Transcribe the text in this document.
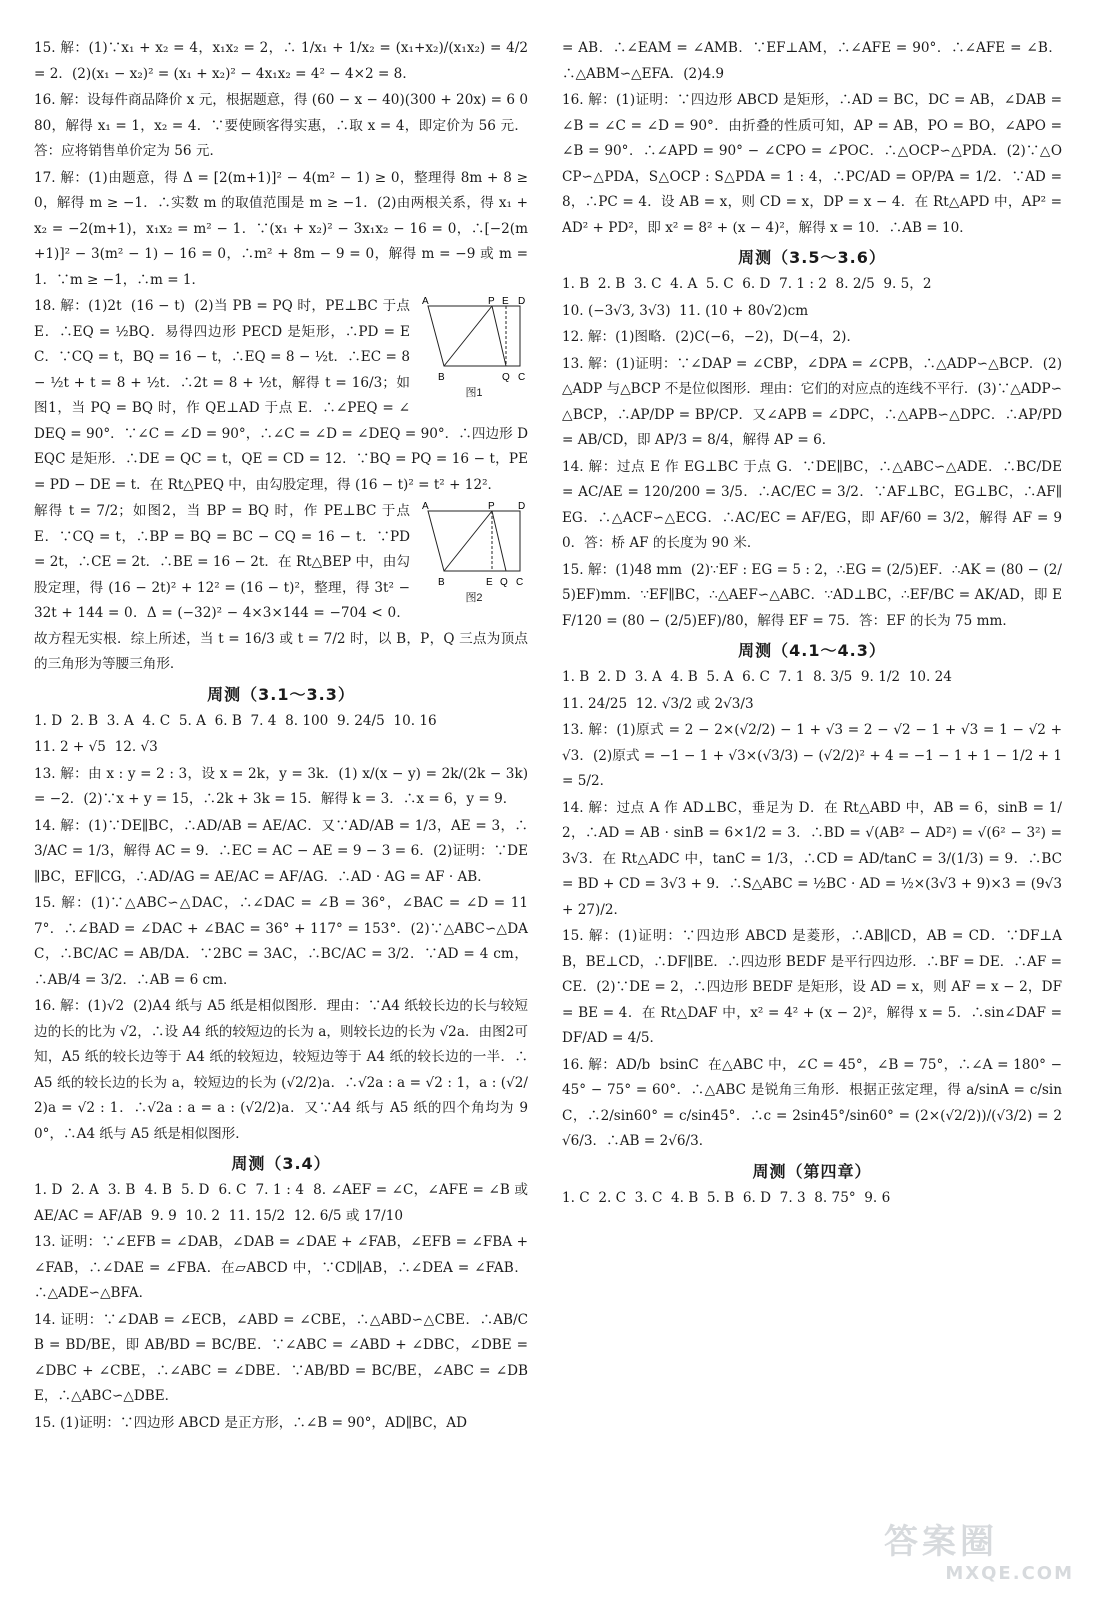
15. 解：(1)∵x₁ + x₂ = 4，x₁x₂ = 2，∴ 1/x₁ + 1/x₂ = (x₁+x₂)/(x₁x₂) = 4/2 = 2．(2)(x₁ − x₂)² = (x₁ + x₂)² − 4x₁x₂ = 4² − 4×2 = 8．

16. 解：设每件商品降价 x 元，根据题意，得 (60 − x − 40)(300 + 20x) = 6 080，解得 x₁ = 1，x₂ = 4．∵要使顾客得实惠，∴取 x = 4，即定价为 56 元．答：应将销售单价定为 56 元．

17. 解：(1)由题意，得 Δ = [2(m+1)]² − 4(m² − 1) ≥ 0，整理得 8m + 8 ≥ 0，解得 m ≥ −1．∴实数 m 的取值范围是 m ≥ −1．(2)由两根关系，得 x₁ + x₂ = −2(m+1)，x₁x₂ = m² − 1．∵(x₁ + x₂)² − 3x₁x₂ − 16 = 0，∴[−2(m+1)]² − 3(m² − 1) − 16 = 0，∴m² + 8m − 9 = 0，解得 m = −9 或 m = 1．∵m ≥ −1，∴m = 1．

A	P E D
B	Q C
图1

18. 解：(1)2t  (16 − t)  (2)当 PB = PQ 时，PE⊥BC 于点 E．∴EQ = ½BQ．易得四边形 PECD 是矩形，∴PD = EC．∵CQ = t，BQ = 16 − t，∴EQ = 8 − ½t．∴EC = 8 − ½t + t = 8 + ½t．∴2t = 8 + ½t，解得 t = 16/3；如图1，当 PQ = BQ 时，作 QE⊥AD 于点 E．∴∠PEQ = ∠DEQ = 90°．∵∠C = ∠D = 90°，∴∠C = ∠D = ∠DEQ = 90°．∴四边形 DEQC 是矩形．∴DE = QC = t，QE = CD = 12．∵BQ = PQ = 16 − t，PE = PD − DE = t．在 Rt△PEQ 中，由勾股定理，得 (16 − t)² = t² + 12²．

A	P D
B	E Q C
图2

解得 t = 7/2；如图2，当 BP = BQ 时，作 PE⊥BC 于点 E．∵CQ = t，∴BP = BQ = BC − CQ = 16 − t．∵PD = 2t，∴CE = 2t．∴BE = 16 − 2t．在 Rt△BEP 中，由勾股定理，得 (16 − 2t)² + 12² = (16 − t)²，整理，得 3t² − 32t + 144 = 0．Δ = (−32)² − 4×3×144 = −704 < 0．故方程无实根．综上所述，当 t = 16/3 或 t = 7/2 时，以 B，P，Q 三点为顶点的三角形为等腰三角形．

周测（3.1～3.3）

1. D  2. B  3. A  4. C  5. A  6. B  7. 4  8. 100  9. 24/5  10. 16

11. 2 + √5  12. √3

13. 解：由 x : y = 2 : 3，设 x = 2k，y = 3k．(1) x/(x − y) = 2k/(2k − 3k) = −2．(2)∵x + y = 15，∴2k + 3k = 15．解得 k = 3．∴x = 6，y = 9．

14. 解：(1)∵DE∥BC，∴AD/AB = AE/AC．又∵AD/AB = 1/3，AE = 3，∴3/AC = 1/3，解得 AC = 9．∴EC = AC − AE = 9 − 3 = 6．(2)证明：∵DE∥BC，EF∥CG，∴AD/AG = AE/AC = AF/AG．∴AD · AG = AF · AB．

15. 解：(1)∵△ABC∽△DAC，∴∠DAC = ∠B = 36°，∠BAC = ∠D = 117°．∴∠BAD = ∠DAC + ∠BAC = 36° + 117° = 153°．(2)∵△ABC∽△DAC，∴BC/AC = AB/DA．∵2BC = 3AC，∴BC/AC = 3/2．∵AD = 4 cm，∴AB/4 = 3/2．∴AB = 6 cm．

16. 解：(1)√2  (2)A4 纸与 A5 纸是相似图形．理由：∵A4 纸较长边的长与较短边的长的比为 √2，∴设 A4 纸的较短边的长为 a，则较长边的长为 √2a．由图2可知，A5 纸的较长边等于 A4 纸的较短边，较短边等于 A4 纸的较长边的一半．∴A5 纸的较长边的长为 a，较短边的长为 (√2/2)a．∴√2a : a = √2 : 1，a : (√2/2)a = √2 : 1．∴√2a : a = a : (√2/2)a．又∵A4 纸与 A5 纸的四个角均为 90°，∴A4 纸与 A5 纸是相似图形．

周测（3.4）

1. D  2. A  3. B  4. B  5. D  6. C  7. 1 : 4  8. ∠AEF = ∠C，∠AFE = ∠B 或 AE/AC = AF/AB  9. 9  10. 2  11. 15/2  12. 6/5 或 17/10

13. 证明：∵∠EFB = ∠DAB，∠DAB = ∠DAE + ∠FAB，∠EFB = ∠FBA + ∠FAB，∴∠DAE = ∠FBA．在▱ABCD 中，∵CD∥AB，∴∠DEA = ∠FAB．∴△ADE∽△BFA．

14. 证明：∵∠DAB = ∠ECB，∠ABD = ∠CBE，∴△ABD∽△CBE．∴AB/CB = BD/BE，即 AB/BD = BC/BE．∵∠ABC = ∠ABD + ∠DBC，∠DBE = ∠DBC + ∠CBE，∴∠ABC = ∠DBE．∵AB/BD = BC/BE，∠ABC = ∠DBE，∴△ABC∽△DBE．

15. (1)证明：∵四边形 ABCD 是正方形，∴∠B = 90°，AD∥BC，AD

= AB．∴∠EAM = ∠AMB．∵EF⊥AM，∴∠AFE = 90°．∴∠AFE = ∠B．∴△ABM∽△EFA．(2)4.9

16. 解：(1)证明：∵四边形 ABCD 是矩形，∴AD = BC，DC = AB，∠DAB = ∠B = ∠C = ∠D = 90°．由折叠的性质可知，AP = AB，PO = BO，∠APO = ∠B = 90°．∴∠APD = 90° − ∠CPO = ∠POC．∴△OCP∽△PDA．(2)∵△OCP∽△PDA，S△OCP : S△PDA = 1 : 4，∴PC/AD = OP/PA = 1/2．∵AD = 8，∴PC = 4．设 AB = x，则 CD = x，DP = x − 4．在 Rt△APD 中，AP² = AD² + PD²，即 x² = 8² + (x − 4)²，解得 x = 10．∴AB = 10．

周测（3.5～3.6）

1. B  2. B  3. C  4. A  5. C  6. D  7. 1 : 2  8. 2/5  9. 5，2

10. (−3√3, 3√3)  11. (10 + 80√2)cm

12. 解：(1)图略．(2)C(−6，−2)，D(−4，2)．

13. 解：(1)证明：∵∠DAP = ∠CBP，∠DPA = ∠CPB，∴△ADP∽△BCP．(2)△ADP 与△BCP 不是位似图形．理由：它们的对应点的连线不平行．(3)∵△ADP∽△BCP，∴AP/DP = BP/CP．又∠APB = ∠DPC，∴△APB∽△DPC．∴AP/PD = AB/CD，即 AP/3 = 8/4，解得 AP = 6．

14. 解：过点 E 作 EG⊥BC 于点 G．∵DE∥BC，∴△ABC∽△ADE．∴BC/DE = AC/AE = 120/200 = 3/5．∴AC/EC = 3/2．∵AF⊥BC，EG⊥BC，∴AF∥EG．∴△ACF∽△ECG．∴AC/EC = AF/EG，即 AF/60 = 3/2，解得 AF = 90．答：桥 AF 的长度为 90 米．

15. 解：(1)48 mm  (2)∵EF : EG = 5 : 2，∴EG = (2/5)EF．∴AK = (80 − (2/5)EF)mm．∵EF∥BC，∴△AEF∽△ABC．∵AD⊥BC，∴EF/BC = AK/AD，即 EF/120 = (80 − (2/5)EF)/80，解得 EF = 75．答：EF 的长为 75 mm．

周测（4.1～4.3）

1. B  2. D  3. A  4. B  5. A  6. C  7. 1  8. 3/5  9. 1/2  10. 24

11. 24/25  12. √3/2 或 2√3/3

13. 解：(1)原式 = 2 − 2×(√2/2) − 1 + √3 = 2 − √2 − 1 + √3 = 1 − √2 + √3．(2)原式 = −1 − 1 + √3×(√3/3) − (√2/2)² + 4 = −1 − 1 + 1 − 1/2 + 1 = 5/2．

14. 解：过点 A 作 AD⊥BC，垂足为 D．在 Rt△ABD 中，AB = 6，sinB = 1/2，∴AD = AB · sinB = 6×1/2 = 3．∴BD = √(AB² − AD²) = √(6² − 3²) = 3√3．在 Rt△ADC 中，tanC = 1/3，∴CD = AD/tanC = 3/(1/3) = 9．∴BC = BD + CD = 3√3 + 9．∴S△ABC = ½BC · AD = ½×(3√3 + 9)×3 = (9√3 + 27)/2．

15. 解：(1)证明：∵四边形 ABCD 是菱形，∴AB∥CD，AB = CD．∵DF⊥AB，BE⊥CD，∴DF∥BE．∴四边形 BEDF 是平行四边形．∴BF = DE．∴AF = CE．(2)∵DE = 2，∴四边形 BEDF 是矩形，设 AD = x，则 AF = x − 2，DF = BE = 4．在 Rt△DAF 中，x² = 4² + (x − 2)²，解得 x = 5．∴sin∠DAF = DF/AD = 4/5．

16. 解：AD/b  bsinC  在△ABC 中，∠C = 45°，∠B = 75°，∴∠A = 180° − 45° − 75° = 60°．∴△ABC 是锐角三角形．根据正弦定理，得 a/sinA = c/sinC，∴2/sin60° = c/sin45°．∴c = 2sin45°/sin60° = (2×(√2/2))/(√3/2) = 2√6/3．∴AB = 2√6/3．

周测（第四章）

1. C  2. C  3. C  4. B  5. B  6. D  7. 3  8. 75°  9. 6

答案圈
MXQE.COM
